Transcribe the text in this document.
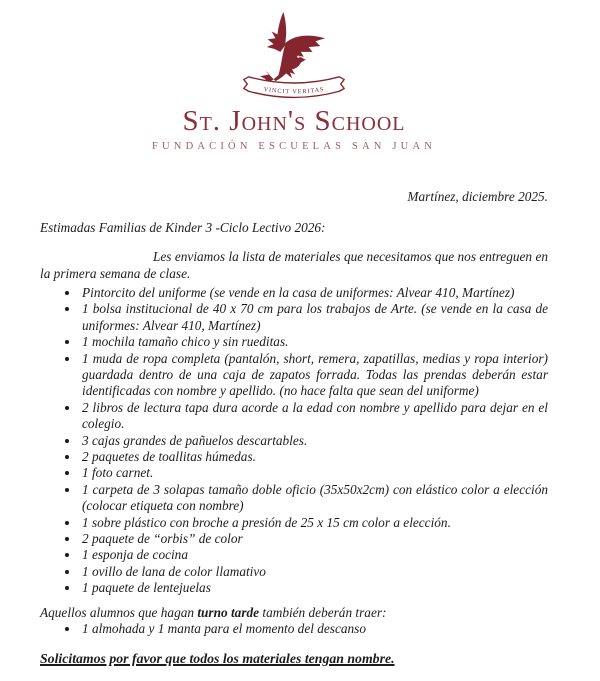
VINCIT VERITAS
St. John's School
FUNDACIÓN ESCUELAS SAN JUAN

Martínez, diciembre 2025.

Estimadas Familias de Kinder 3 -Ciclo Lectivo 2026:

Les enviamos la lista de materiales que necesitamos que nos entreguen en la primera semana de clase.

• Pintorcito del uniforme (se vende en la casa de uniformes: Alvear 410, Martínez)
• 1 bolsa institucional de 40 x 70 cm para los trabajos de Arte. (se vende en la casa de uniformes: Alvear 410, Martínez)
• 1 mochila tamaño chico y sin rueditas.
• 1 muda de ropa completa (pantalón, short, remera, zapatillas, medias y ropa interior) guardada dentro de una caja de zapatos forrada. Todas las prendas deberán estar identificadas con nombre y apellido. (no hace falta que sean del uniforme)
• 2 libros de lectura tapa dura acorde a la edad con nombre y apellido para dejar en el colegio.
• 3 cajas grandes de pañuelos descartables.
• 2 paquetes de toallitas húmedas.
• 1 foto carnet.
• 1 carpeta de 3 solapas tamaño doble oficio (35x50x2cm) con elástico color a elección (colocar etiqueta con nombre)
• 1 sobre plástico con broche a presión de 25 x 15 cm color a elección.
• 2 paquete de “orbis” de color
• 1 esponja de cocina
• 1 ovillo de lana de color llamativo
• 1 paquete de lentejuelas

Aquellos alumnos que hagan turno tarde también deberán traer:

• 1 almohada y 1 manta para el momento del descanso

Solicitamos por favor que todos los materiales tengan nombre.
